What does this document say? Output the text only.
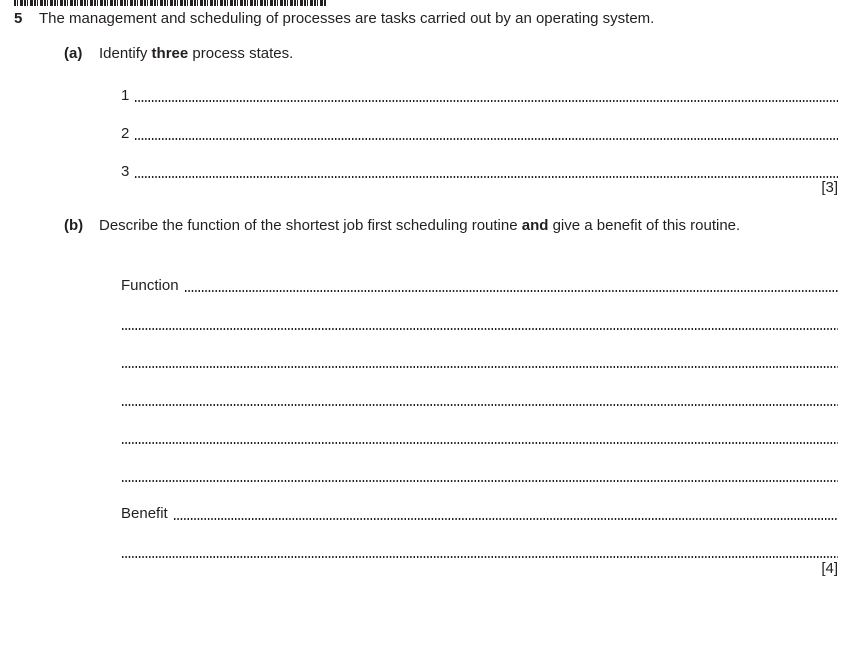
5 The management and scheduling of processes are tasks carried out by an operating system.
(a) Identify three process states.
1
2
3
[3]
(b) Describe the function of the shortest job first scheduling routine and give a benefit of this routine.
Function
Benefit
[4]
